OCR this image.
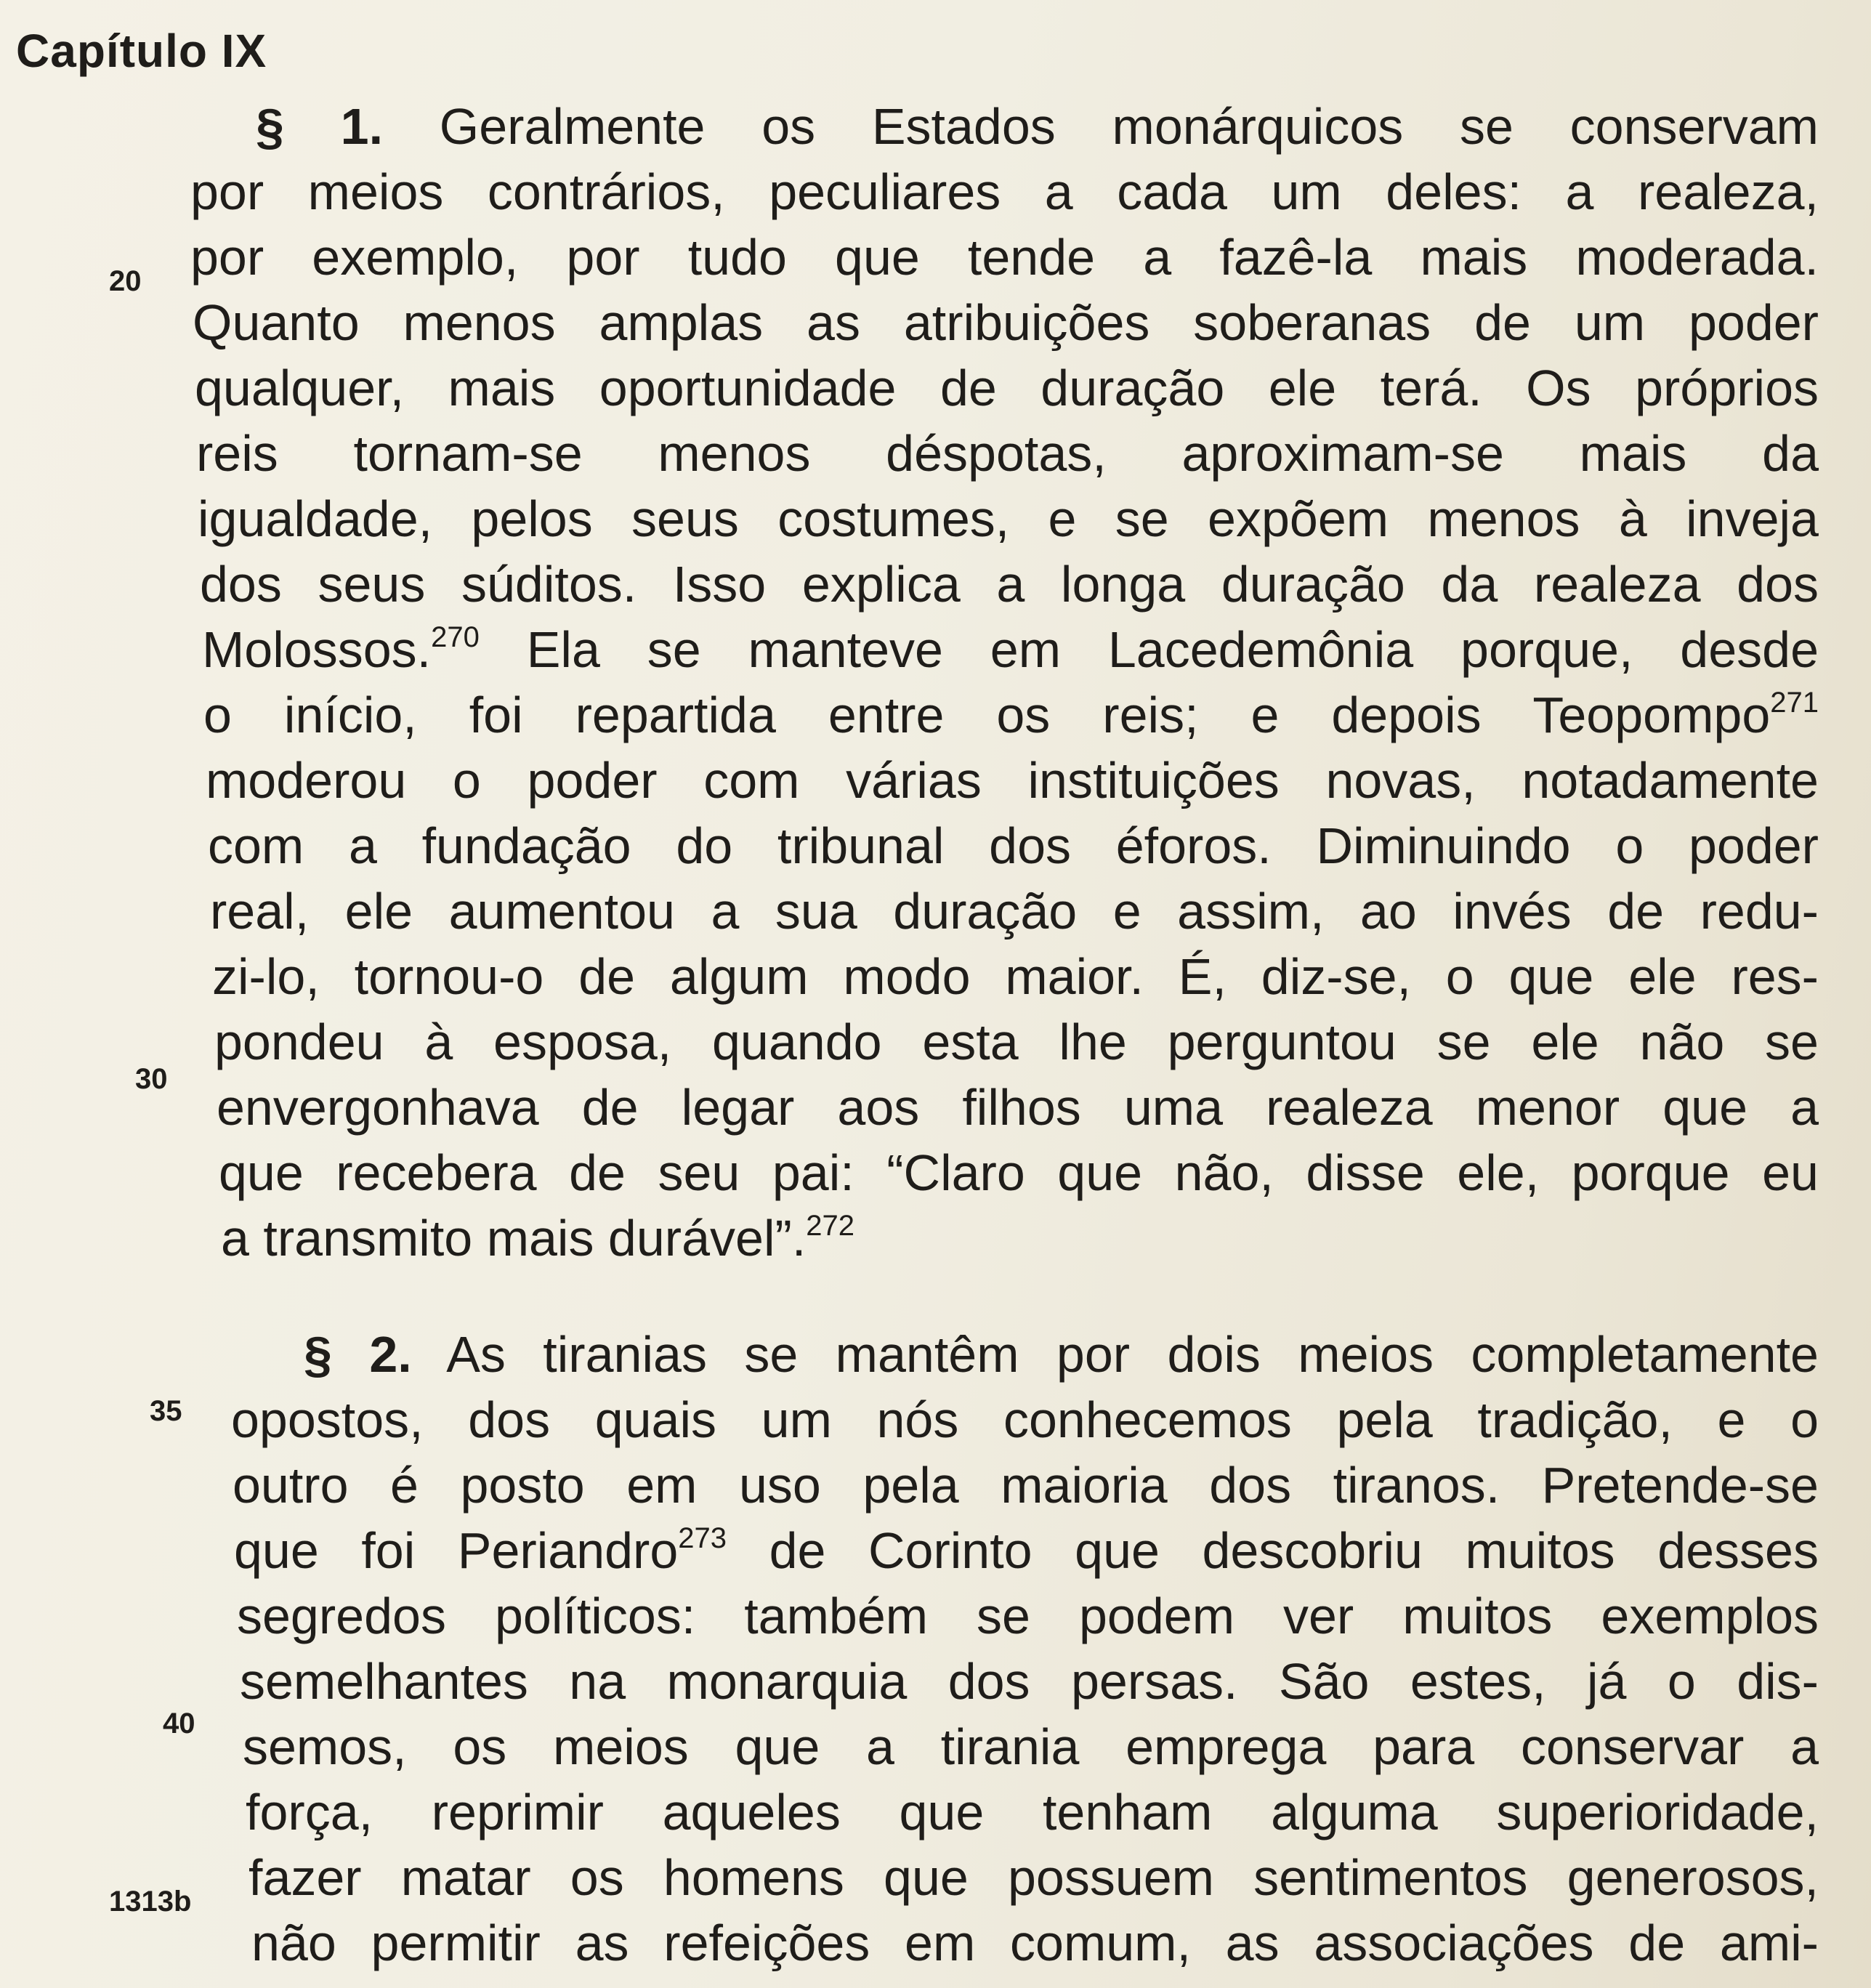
Capítulo IX
§ 1. Geralmente os Estados monárquicos se conservam
por meios contrários, peculiares a cada um deles: a realeza,
por exemplo, por tudo que tende a fazê-la mais moderada.
Quanto menos amplas as atribuições soberanas de um poder
qualquer, mais oportunidade de duração ele terá. Os próprios
reis tornam-se menos déspotas, aproximam-se mais da
igualdade, pelos seus costumes, e se expõem menos à inveja
dos seus súditos. Isso explica a longa duração da realeza dos
Molossos.$^{270}$ Ela se manteve em Lacedemônia porque, desde
o início, foi repartida entre os reis; e depois Teopompo$^{271}$
moderou o poder com várias instituições novas, notadamente
com a fundação do tribunal dos éforos. Diminuindo o poder
real, ele aumentou a sua duração e assim, ao invés de redu-
zi-lo, tornou-o de algum modo maior. É, diz-se, o que ele res-
pondeu à esposa, quando esta lhe perguntou se ele não se
envergonhava de legar aos filhos uma realeza menor que a
que recebera de seu pai: “Claro que não, disse ele, porque eu
a transmito mais durável”.$^{272}$
§ 2. As tiranias se mantêm por dois meios completamente
opostos, dos quais um nós conhecemos pela tradição, e o
outro é posto em uso pela maioria dos tiranos. Pretende-se
que foi Periandro$^{273}$ de Corinto que descobriu muitos desses
segredos políticos: também se podem ver muitos exemplos
semelhantes na monarquia dos persas. São estes, já o dis-
semos, os meios que a tirania emprega para conservar a
força, reprimir aqueles que tenham alguma superioridade,
fazer matar os homens que possuem sentimentos generosos,
não permitir as refeições em comum, as associações de ami-
20
30
35
40
1313b
